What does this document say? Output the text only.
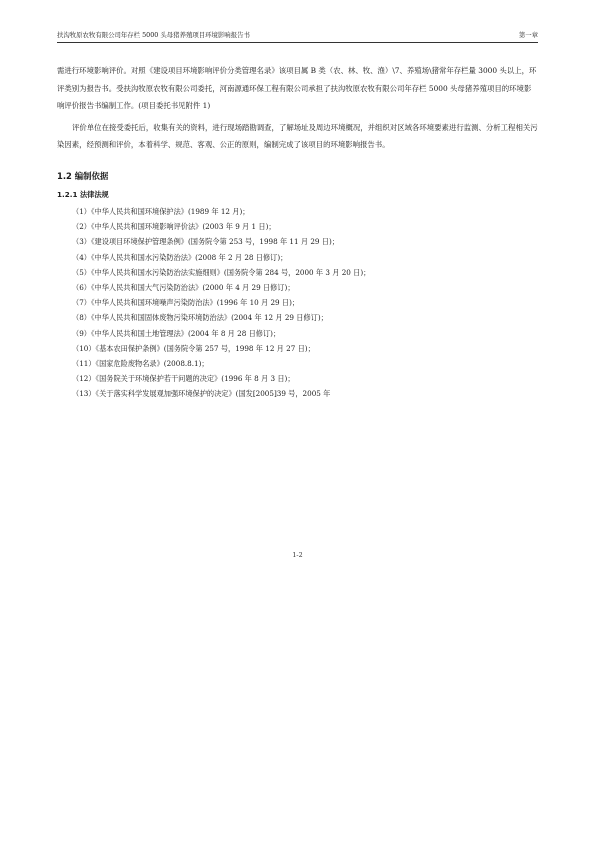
扶沟牧原农牧有限公司年存栏 5000 头母猪养殖项目环境影响报告书	第一章

需进行环境影响评价。对照《建设项目环境影响评价分类管理名录》该项目属 B 类（农、林、牧、渔）\7、养殖场\猪常年存栏量 3000 头以上，环评类别为报告书。受扶沟牧原农牧有限公司委托，河南源通环保工程有限公司承担了扶沟牧原农牧有限公司年存栏 5000 头母猪养殖项目的环境影响评价报告书编制工作。(项目委托书见附件 1)

评价单位在接受委托后，收集有关的资料，进行现场踏勘调查，了解场址及周边环境概况，并组织对区域各环境要素进行监测、分析工程相关污染因素，经预测和评价，本着科学、规范、客观、公正的原则，编制完成了该项目的环境影响报告书。

1.2 编制依据
1.2.1 法律法规
（1）《中华人民共和国环境保护法》(1989 年 12 月)；
（2）《中华人民共和国环境影响评价法》(2003 年 9 月 1 日)；
（3）《建设项目环境保护管理条例》(国务院令第 253 号，1998 年 11 月 29 日)；
（4）《中华人民共和国水污染防治法》(2008 年 2 月 28 日修订)；
（5）《中华人民共和国水污染防治法实施细则》(国务院令第 284 号，2000 年 3 月 20 日)；
（6）《中华人民共和国大气污染防治法》(2000 年 4 月 29 日修订)；
（7）《中华人民共和国环境噪声污染防治法》(1996 年 10 月 29 日)；
（8）《中华人民共和国固体废物污染环境防治法》(2004 年 12 月 29 日修订)；
（9）《中华人民共和国土地管理法》(2004 年 8 月 28 日修订)；
（10）《基本农田保护条例》(国务院令第 257 号，1998 年 12 月 27 日)；
（11）《国家危险废物名录》(2008.8.1)；
（12）《国务院关于环境保护若干问题的决定》(1996 年 8 月 3 日)；
（13）《关于落实科学发展观加强环境保护的决定》(国发[2005]39 号，2005 年
1-2
